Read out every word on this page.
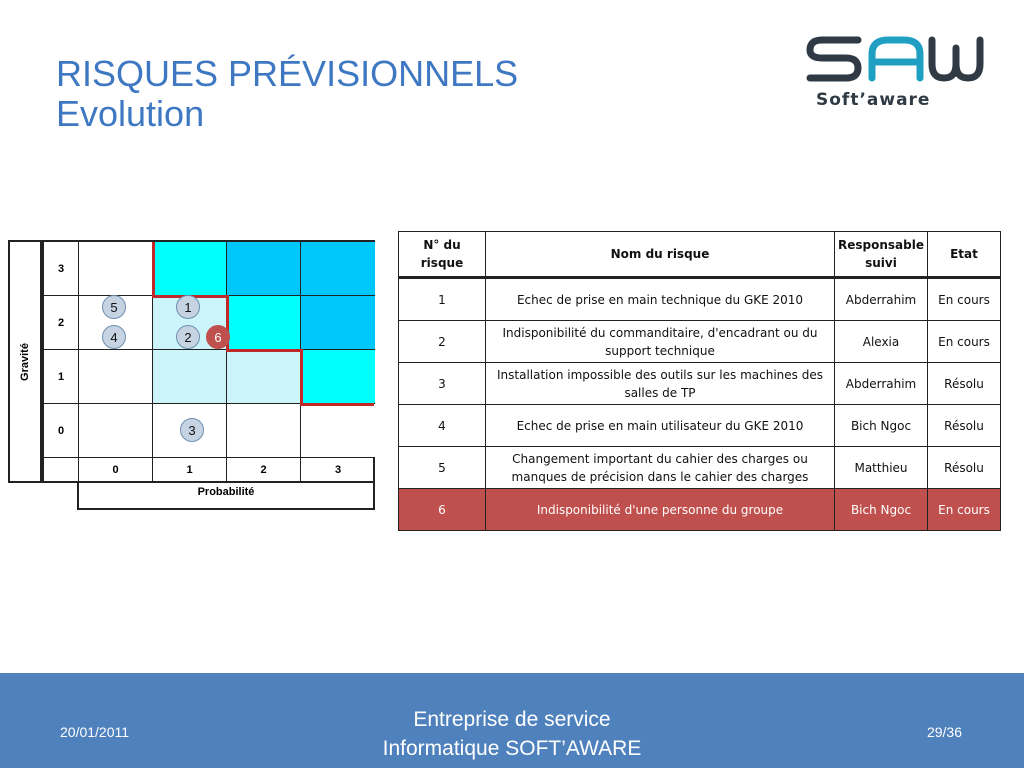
RISQUES PRÉVISIONNELS
Evolution	Soft’aware
Gravité
3
2
1
0
0	1	2	3
5
4
1
2	6
3
Probabilité
N° du risque	Nom du risque	Responsable suivi	Etat
1	Echec de prise en main technique du GKE 2010	Abderrahim	En cours
2	Indisponibilité du commanditaire, d'encadrant ou du support technique	Alexia	En cours
3	Installation impossible des outils sur les machines des salles de TP	Abderrahim	Résolu
4	Echec de prise en main utilisateur du GKE 2010	Bich Ngoc	Résolu
5	Changement important du cahier des charges ou manques de précision dans le cahier des charges	Matthieu	Résolu
6	Indisponibilité d'une personne du groupe	Bich Ngoc	En cours
20/01/2011
Entreprise de service
Informatique SOFT’AWARE
29/36
